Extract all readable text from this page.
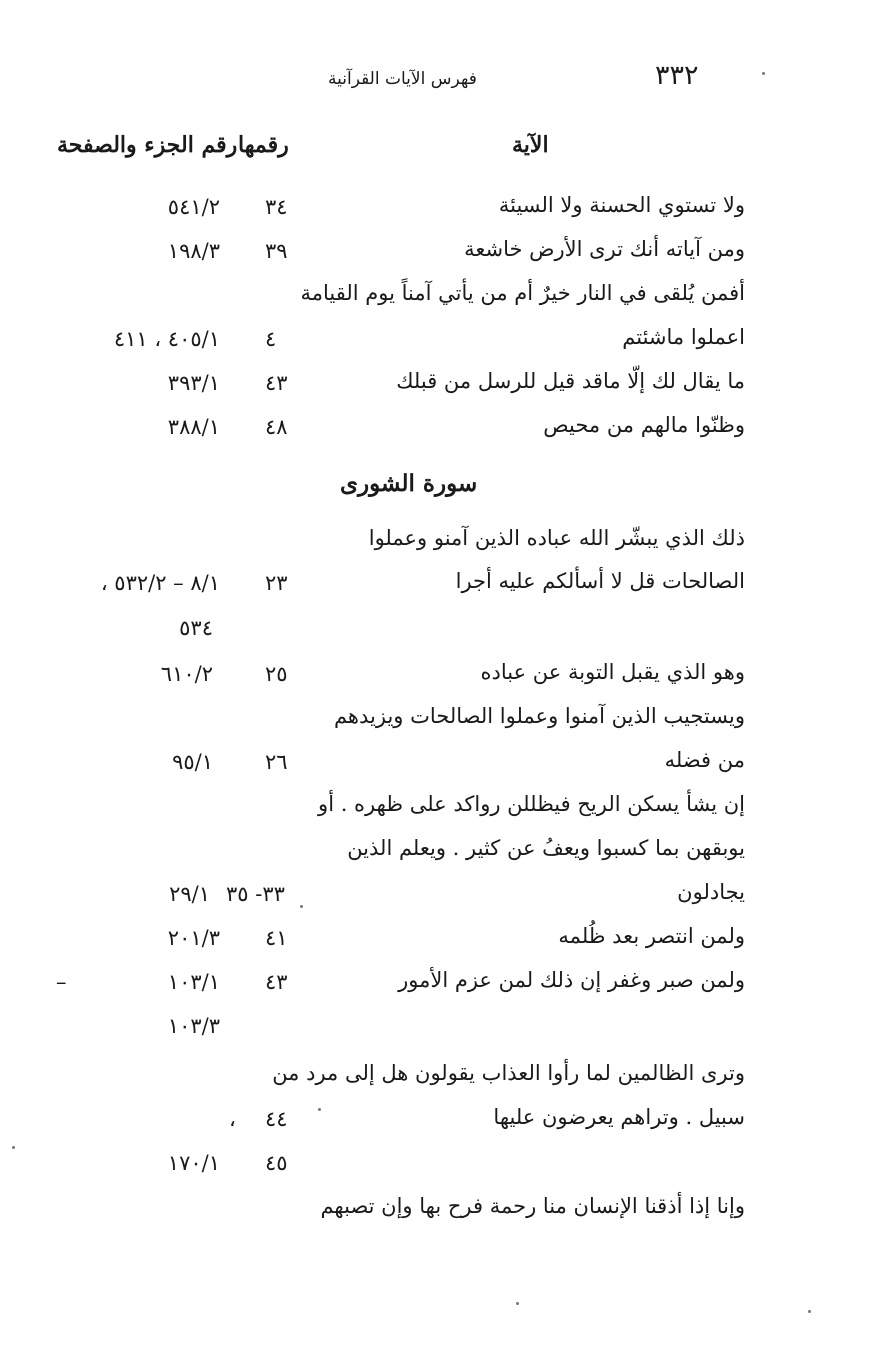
٣٣٢
فهرس الآيات القرآنية
الآية
رقمها
رقم الجزء والصفحة
ولا تستوي الحسنة ولا السيئة
٣٤
٥٤١/٢
ومن آياته أنك ترى الأرض خاشعة
٣٩
١٩٨/٣
أفمن يُلقى في النار خيرٌ أم من يأتي آمناً يوم القيامة
اعملوا ماشئتم
٤
٤٠٥/١ ، ٤١١
ما يقال لك إلّا ماقد قيل للرسل من قبلك
٤٣
٣٩٣/١
وظنّوا مالهم من محيص
٤٨
٣٨٨/١
سورة الشورى
ذلك الذي يبشّر الله عباده الذين آمنو وعملوا
الصالحات قل لا أسألكم عليه أجرا
٢٣
٨/١ – ٥٣٢/٢ ،
٥٣٤
وهو الذي يقبل التوبة عن عباده
٢٥
٦١٠/٢
ويستجيب الذين آمنوا وعملوا الصالحات ويزيدهم
من فضله
٢٦
٩٥/١
إن يشأ يسكن الريح فيظللن رواكد على ظهره . أو
يوبقهن بما كسبوا ويعفُ عن كثير . ويعلم الذين
يجادلون
٣٣- ٣٥
٢٩/١
ولمن انتصر بعد ظُلمه
٤١
٢٠١/٣
ولمن صبر وغفر إن ذلك لمن عزم الأمور
٤٣
١٠٣/١
–
١٠٣/٣
وترى الظالمين لما رأوا العذاب يقولون هل إلى مرد من
سبيل . وتراهم يعرضون عليها
٤٤
،
٤٥
١٧٠/١
وإنا إذا أذقنا الإنسان منا رحمة فرح بها وإن تصبهم
